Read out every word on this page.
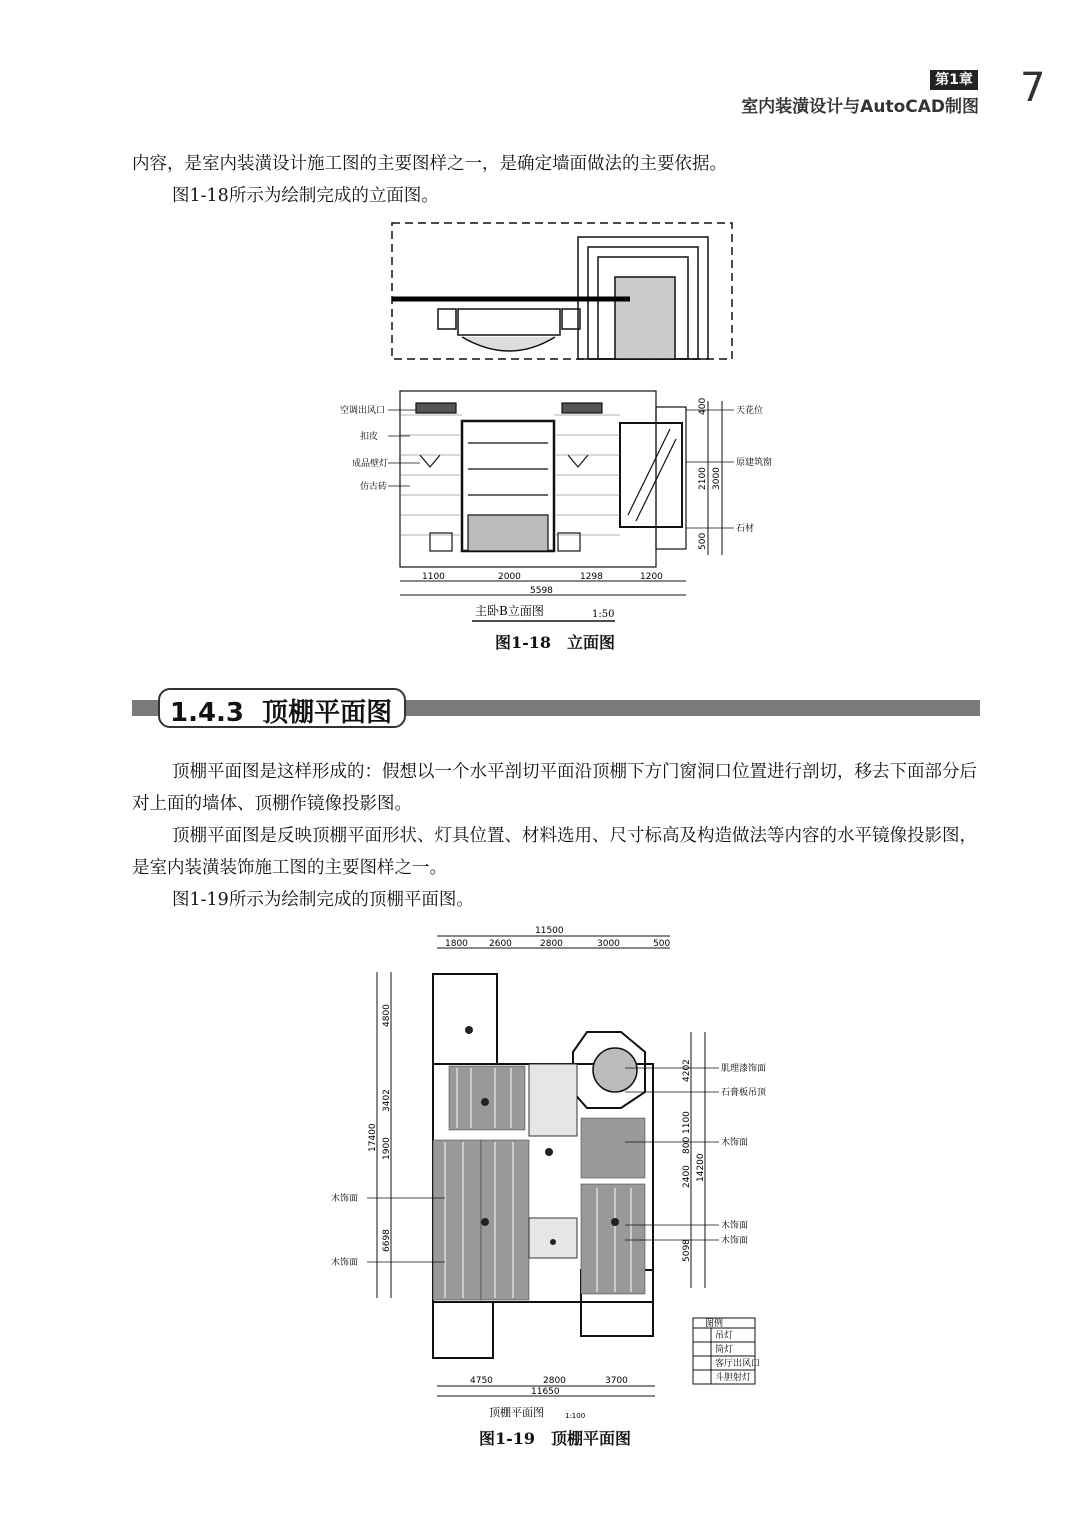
第1章
室内装潢设计与AutoCAD制图 7
内容，是室内装潢设计施工图的主要图样之一，是确定墙面做法的主要依据。
图1-18所示为绘制完成的立面图。
空调出风口
扣皮
成品壁灯
仿古砖
天花位
原建筑窗
石材
400
2100 3000
500
1100	2000	1298	1200
5598
主卧B立面图	1:50
图1-18　立面图
1.4.3 顶棚平面图
顶棚平面图是这样形成的：假想以一个水平剖切平面沿顶棚下方门窗洞口位置进行剖切，移去下面部分后对上面的墙体、顶棚作镜像投影图。
顶棚平面图是反映顶棚平面形状、灯具位置、材料选用、尺寸标高及构造做法等内容的水平镜像投影图，是室内装潢装饰施工图的主要图样之一。
图1-19所示为绘制完成的顶棚平面图。
11500
1800 2600	2800	3000	500
4800
3402
1900
6698
17400
4202
1100
800
2400
5098
14200
肌理漆饰面
石膏板吊顶
木饰面
木饰面
木饰面
木饰面
木饰面
图例
吊灯
筒灯
客厅出风口
斗胆射灯
4750	2800	3700
11650
顶棚平面图	1:100
图1-19　顶棚平面图
